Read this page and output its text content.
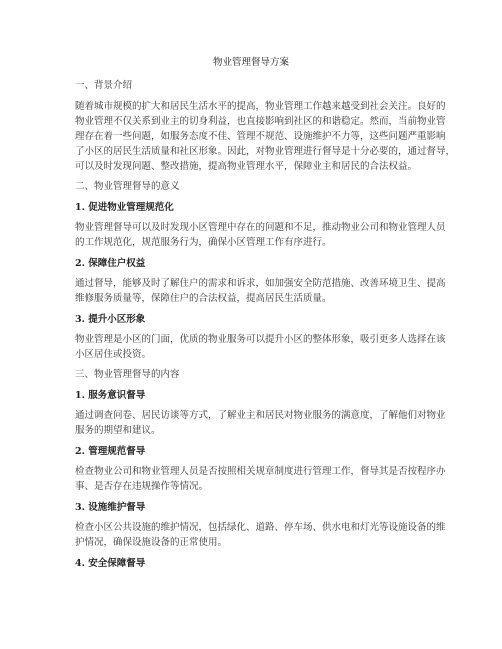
物业管理督导方案
一、背景介绍
随着城市规模的扩大和居民生活水平的提高，物业管理工作越来越受到社会关注。良好的
物业管理不仅关系到业主的切身利益，也直接影响到社区的和谐稳定。然而，当前物业管
理存在着一些问题，如服务态度不佳、管理不规范、设施维护不力等，这些问题严重影响
了小区的居民生活质量和社区形象。因此，对物业管理进行督导是十分必要的，通过督导，
可以及时发现问题、整改措施，提高物业管理水平，保障业主和居民的合法权益。
二、物业管理督导的意义
1. 促进物业管理规范化
物业管理督导可以及时发现小区管理中存在的问题和不足，推动物业公司和物业管理人员
的工作规范化，规范服务行为，确保小区管理工作有序进行。
2. 保障住户权益
通过督导，能够及时了解住户的需求和诉求，如加强安全防范措施、改善环境卫生、提高
维修服务质量等，保障住户的合法权益，提高居民生活质量。
3. 提升小区形象
物业管理是小区的门面，优质的物业服务可以提升小区的整体形象，吸引更多人选择在该
小区居住或投资。
三、物业管理督导的内容
1. 服务意识督导
通过调查问卷、居民访谈等方式，了解业主和居民对物业服务的满意度，了解他们对物业
服务的期望和建议。
2. 管理规范督导
检查物业公司和物业管理人员是否按照相关规章制度进行管理工作，督导其是否按程序办
事、是否存在违规操作等情况。
3. 设施维护督导
检查小区公共设施的维护情况，包括绿化、道路、停车场、供水电和灯光等设施设备的维
护情况，确保设施设备的正常使用。
4. 安全保障督导
